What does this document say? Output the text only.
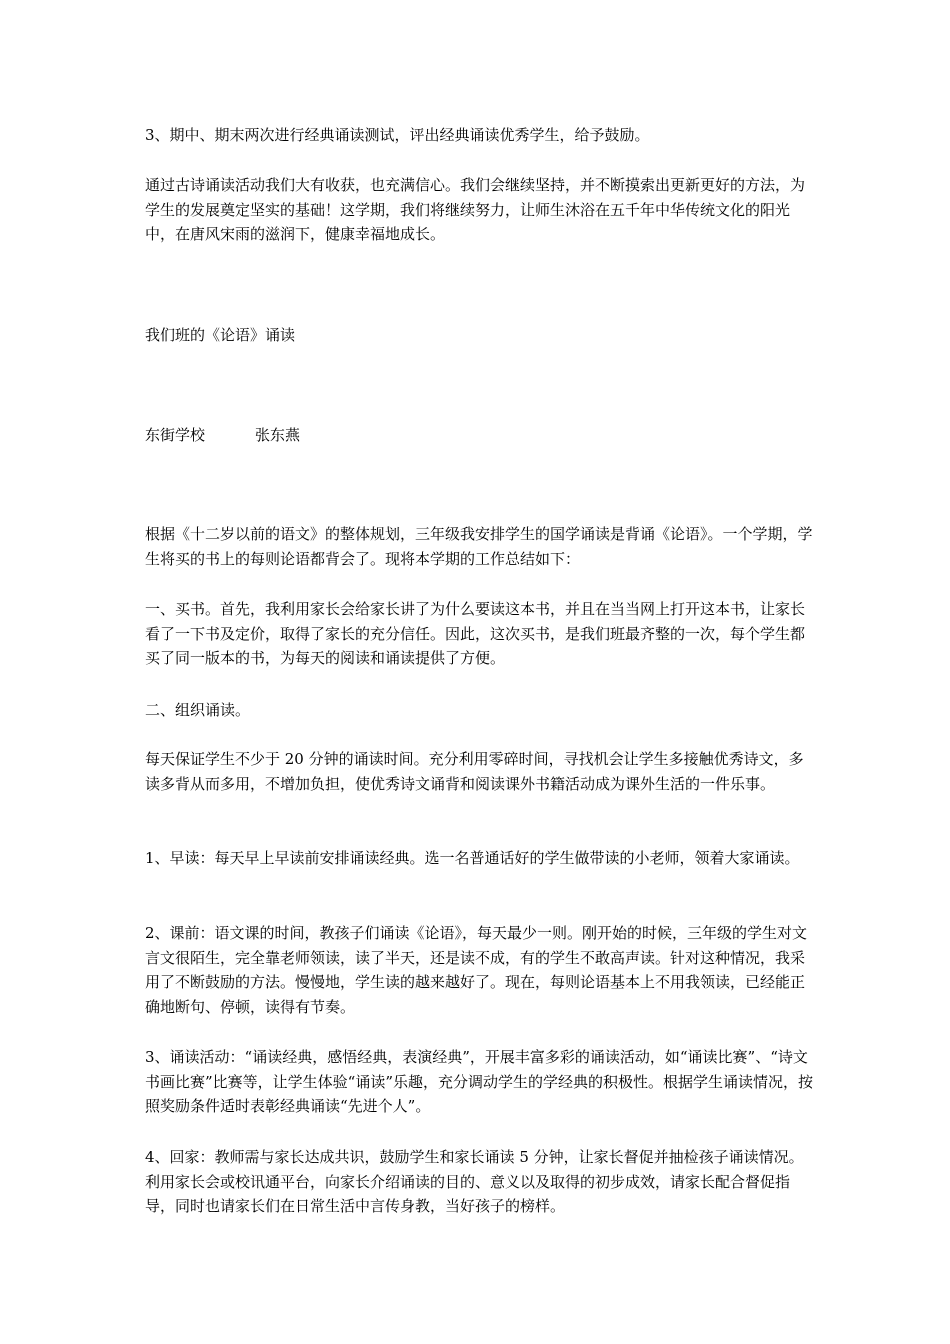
3、期中、期末两次进行经典诵读测试，评出经典诵读优秀学生，给予鼓励。

通过古诗诵读活动我们大有收获，也充满信心。我们会继续坚持，并不断摸索出更新更好的方法，为学生的发展奠定坚实的基础！这学期，我们将继续努力，让师生沐浴在五千年中华传统文化的阳光中，在唐风宋雨的滋润下，健康幸福地成长。

我们班的《论语》诵读

东街学校	张东燕

根据《十二岁以前的语文》的整体规划，三年级我安排学生的国学诵读是背诵《论语》。一个学期，学生将买的书上的每则论语都背会了。现将本学期的工作总结如下：

一、买书。首先，我利用家长会给家长讲了为什么要读这本书，并且在当当网上打开这本书，让家长看了一下书及定价，取得了家长的充分信任。因此，这次买书，是我们班最齐整的一次，每个学生都买了同一版本的书，为每天的阅读和诵读提供了方便。

二、组织诵读。

每天保证学生不少于 20 分钟的诵读时间。充分利用零碎时间，寻找机会让学生多接触优秀诗文，多读多背从而多用，不增加负担，使优秀诗文诵背和阅读课外书籍活动成为课外生活的一件乐事。

1、早读：每天早上早读前安排诵读经典。选一名普通话好的学生做带读的小老师，领着大家诵读。

2、课前：语文课的时间，教孩子们诵读《论语》，每天最少一则。刚开始的时候，三年级的学生对文言文很陌生，完全靠老师领读，读了半天，还是读不成，有的学生不敢高声读。针对这种情况，我采用了不断鼓励的方法。慢慢地，学生读的越来越好了。现在，每则论语基本上不用我领读，已经能正确地断句、停顿，读得有节奏。

3、诵读活动：“诵读经典，感悟经典，表演经典”，开展丰富多彩的诵读活动，如“诵读比赛”、“诗文书画比赛”比赛等，让学生体验“诵读”乐趣，充分调动学生的学经典的积极性。根据学生诵读情况，按照奖励条件适时表彰经典诵读“先进个人”。

4、回家：教师需与家长达成共识，鼓励学生和家长诵读 5 分钟，让家长督促并抽检孩子诵读情况。利用家长会或校讯通平台，向家长介绍诵读的目的、意义以及取得的初步成效，请家长配合督促指导，同时也请家长们在日常生活中言传身教，当好孩子的榜样。
